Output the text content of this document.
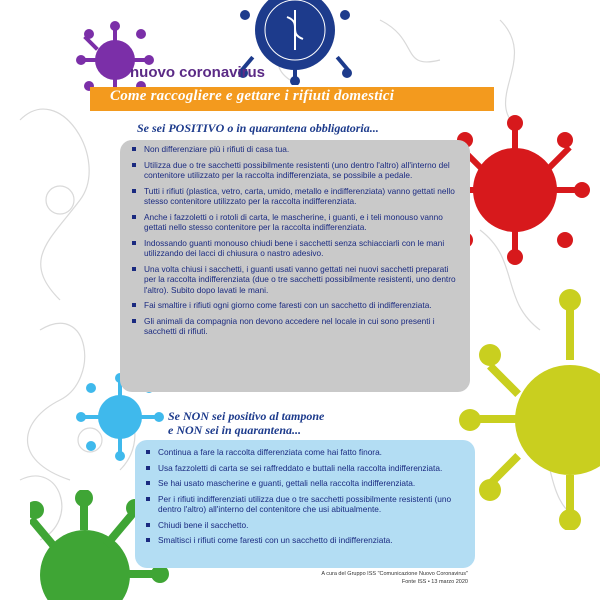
nuovo coronavirus
Come raccogliere e gettare i rifiuti domestici
Se sei POSITIVO o in quarantena obbligatoria...
Non differenziare più i rifiuti di casa tua.
Utilizza due o tre sacchetti possibilmente resistenti (uno dentro l'altro) all'interno del contenitore utilizzato per la raccolta indifferenziata, se possibile a pedale.
Tutti i rifiuti (plastica, vetro, carta, umido, metallo e indifferenziata) vanno gettati nello stesso contenitore utilizzato per la raccolta indifferenziata.
Anche i fazzoletti o i rotoli di carta, le mascherine, i guanti, e i teli monouso vanno gettati nello stesso contenitore per la raccolta indifferenziata.
Indossando guanti monouso chiudi bene i sacchetti senza schiacciarli con le mani utilizzando dei lacci di chiusura o nastro adesivo.
Una volta chiusi i sacchetti, i guanti usati vanno gettati nei nuovi sacchetti preparati per la raccolta indifferenziata (due o tre sacchetti possibilmente resistenti, uno dentro l'altro). Subito dopo lavati le mani.
Fai smaltire i rifiuti ogni giorno come faresti con un sacchetto di indifferenziata.
Gli animali da compagnia non devono accedere nel locale in cui sono presenti i sacchetti di rifiuti.
Se NON sei positivo al tampone
e NON sei in quarantena...
Continua a fare la raccolta differenziata come hai fatto finora.
Usa fazzoletti di carta se sei raffreddato e buttali nella raccolta indifferenziata.
Se hai usato mascherine e guanti, gettali nella raccolta indifferenziata.
Per i rifiuti indifferenziati utilizza due o tre sacchetti possibilmente resistenti (uno dentro l'altro) all'interno del contenitore che usi abitualmente.
Chiudi bene il sacchetto.
Smaltisci i rifiuti come faresti con un sacchetto di indifferenziata.
A cura del Gruppo ISS "Comunicazione Nuovo Coronavirus"
Fonte ISS • 13 marzo 2020
